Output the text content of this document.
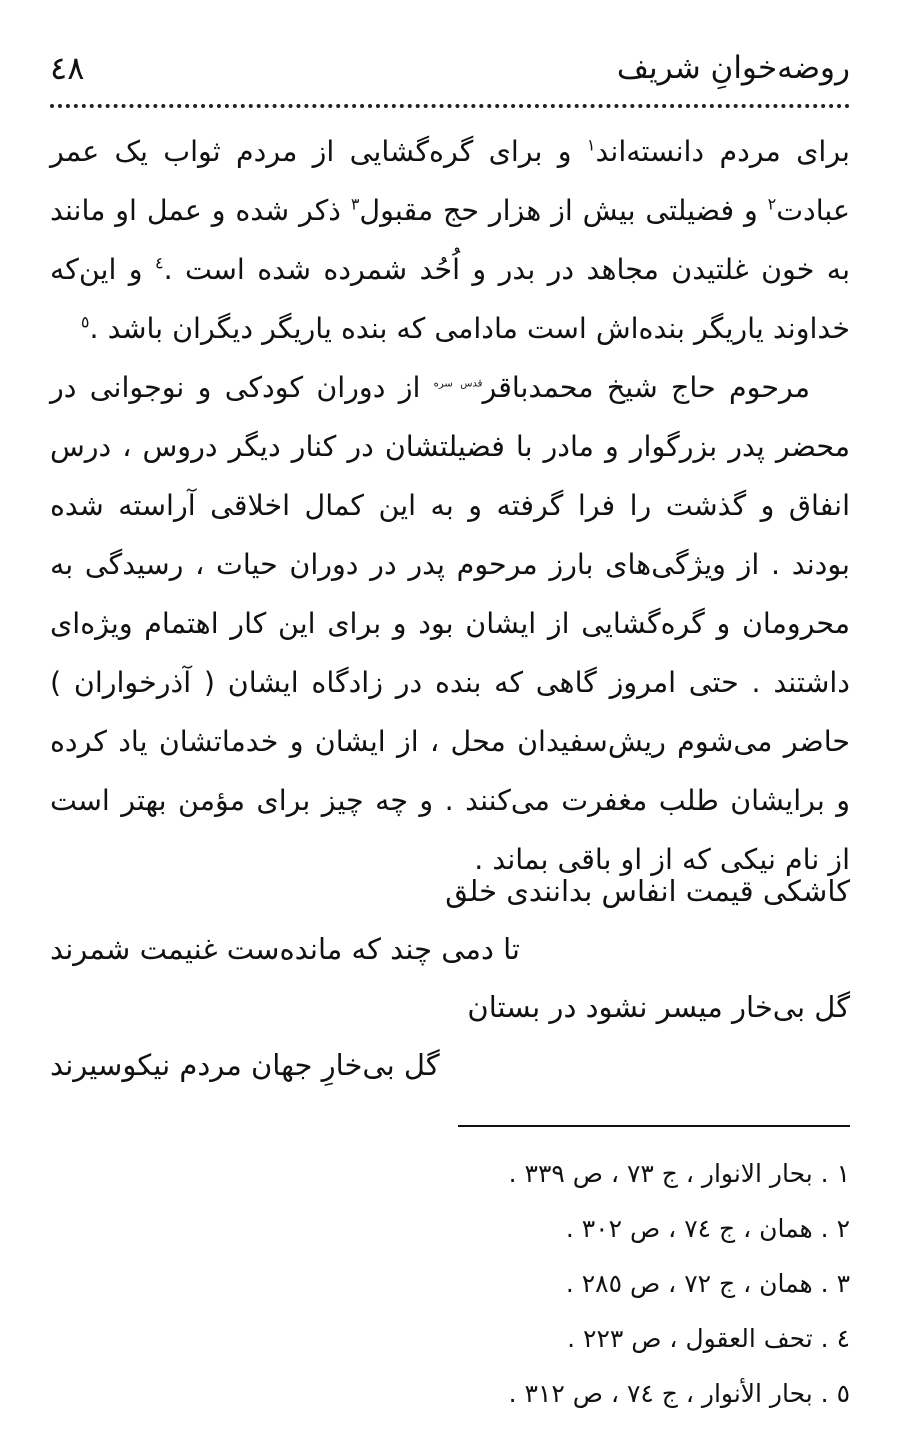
روضه‌خوانِ شریف
٤٨

برای مردم دانسته‌اند$^١$ و برای گره‌گشایی از مردم ثواب یک عمر عبادت$^٢$ و فضیلتی بیش از هزار حج مقبول$^٣$ ذکر شده و عمل او مانند به خون غلتیدن مجاهد در بدر و اُحُد شمرده شده است .$^٤$ و این‌که خداوند یاریگر بنده‌اش است مادامی که بنده یاریگر دیگران باشد .$^٥$

مرحوم حاج شیخ محمدباقر$^{قدس سره}$ از دوران کودکی و نوجوانی در محضر پدر بزرگوار و مادر با فضیلتشان در کنار دیگر دروس ، درس انفاق و گذشت را فرا گرفته و به این کمال اخلاقی آراسته شده بودند . از ویژگی‌های بارز مرحوم پدر در دوران حیات ، رسیدگی به محرومان و گره‌گشایی از ایشان بود و برای این کار اهتمام ویژه‌ای داشتند . حتی امروز گاهی که بنده در زادگاه ایشان ( آذرخواران ) حاضر می‌شوم ریش‌سفیدان محل ، از ایشان و خدماتشان یاد کرده و برایشان طلب مغفرت می‌کنند . و چه چیز برای مؤمن بهتر است از نام نیکی که از او باقی بماند .

کاشکی قیمت انفاس بدانندی خلق
تا دمی چند که مانده‌ست غنیمت شمرند
گل بی‌خار میسر نشود در بستان
گل بی‌خارِ جهان مردم نیکوسیرند
١ . بحار الانوار ، ج ٧٣ ، ص ٣٣٩ .
٢ . همان ، ج ٧٤ ، ص ٣٠٢ .
٣ . همان ، ج ٧٢ ، ص ٢٨٥ .
٤ . تحف العقول ، ص ٢٢٣ .
٥ . بحار الأنوار ، ج ٧٤ ، ص ٣١٢ .
